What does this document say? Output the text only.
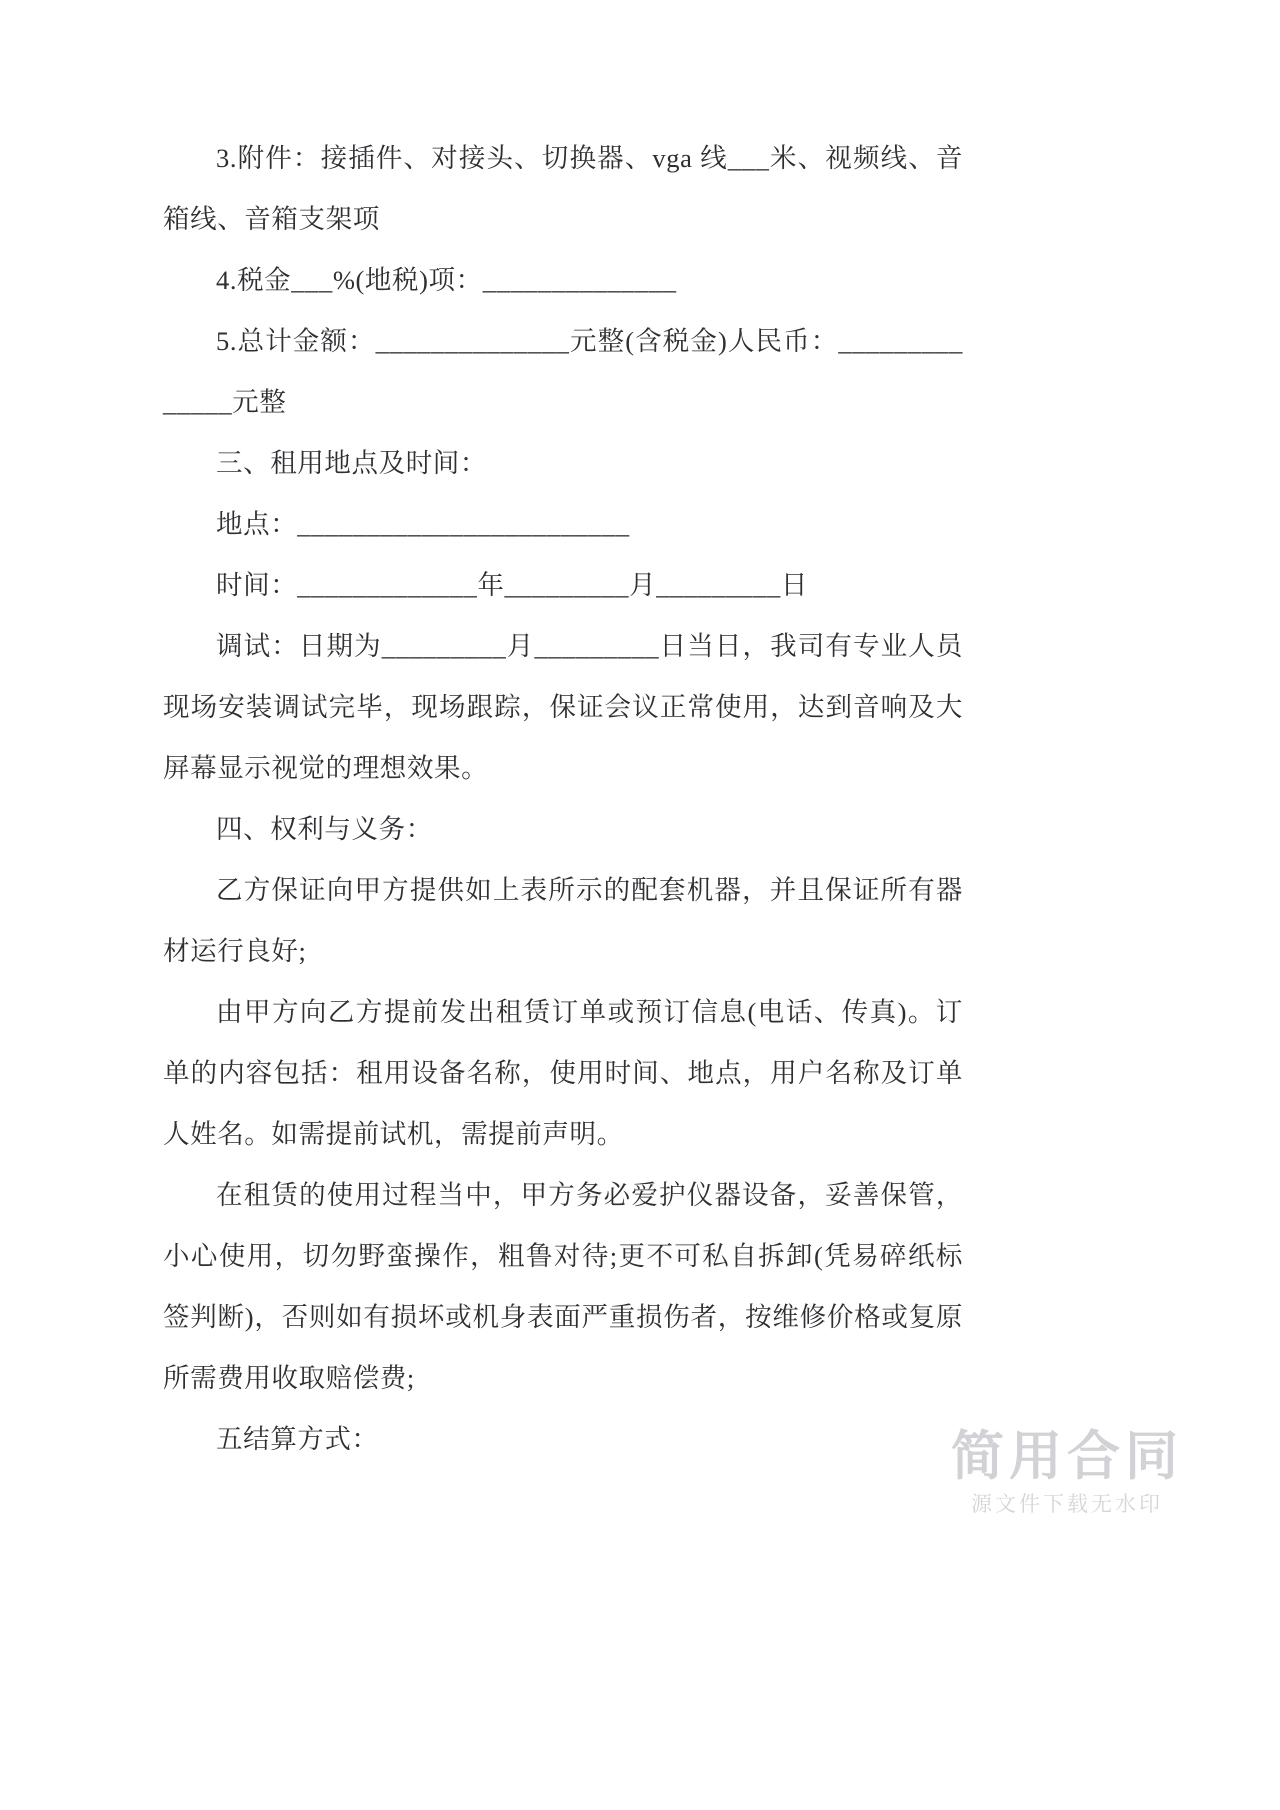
3.附件：接插件、对接头、切换器、vga 线___米、视频线、音箱线、音箱支架项

4.税金___%(地税)项：______________

5.总计金额：______________元整(含税金)人民币：______________元整

三、租用地点及时间：

地点：________________________

时间：_____________年_________月_________日

调试：日期为_________月_________日当日，我司有专业人员现场安装调试完毕，现场跟踪，保证会议正常使用，达到音响及大屏幕显示视觉的理想效果。

四、权利与义务：

乙方保证向甲方提供如上表所示的配套机器，并且保证所有器材运行良好;

由甲方向乙方提前发出租赁订单或预订信息(电话、传真)。订单的内容包括：租用设备名称，使用时间、地点，用户名称及订单人姓名。如需提前试机，需提前声明。

在租赁的使用过程当中，甲方务必爱护仪器设备，妥善保管，小心使用，切勿野蛮操作，粗鲁对待;更不可私自拆卸(凭易碎纸标签判断)，否则如有损坏或机身表面严重损伤者，按维修价格或复原所需费用收取赔偿费;

五结算方式：	简用合同
源文件下载无水印
